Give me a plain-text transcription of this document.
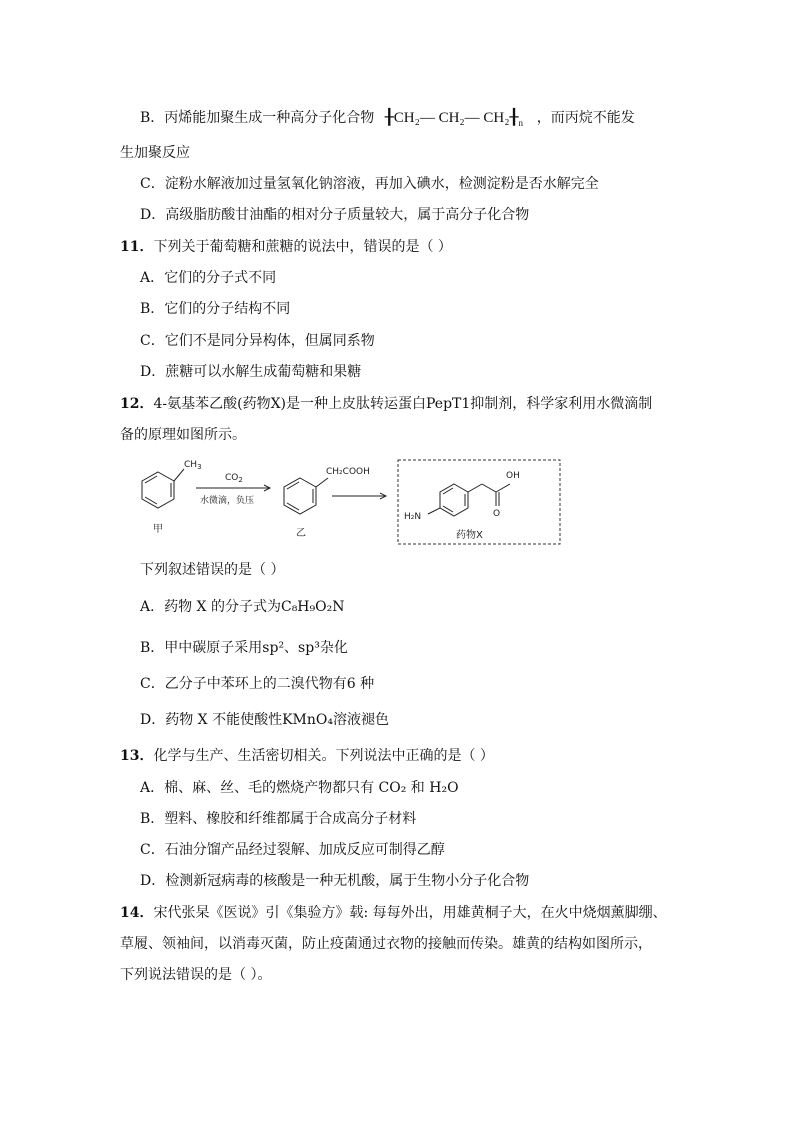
B．丙烯能加聚生成一种高分子化合物 ╂CH₂— CH₂— $CH_2╂_n$ ，而丙烷不能发
生加聚反应
C．淀粉水解液加过量氢氧化钠溶液，再加入碘水，检测淀粉是否水解完全
D．高级脂肪酸甘油酯的相对分子质量较大，属于高分子化合物
11．下列关于葡萄糖和蔗糖的说法中，错误的是（ ）
A．它们的分子式不同
B．它们的分子结构不同
C．它们不是同分异构体，但属同系物
D．蔗糖可以水解生成葡萄糖和果糖
12．4-氨基苯乙酸(药物X)是一种上皮肽转运蛋白PepT1抑制剂，科学家利用水微滴制
备的原理如图所示。
$CH_3$
甲
$CO_2$
水微滴，负压
CH₂COOH
乙
OH
O
H₂N
药物X
下列叙述错误的是（ ）
A．药物 X 的分子式为C₈H₉O₂N
B．甲中碳原子采用sp²、sp³杂化
C．乙分子中苯环上的二溴代物有6 种
D．药物 X 不能使酸性KMnO₄溶液褪色
13．化学与生产、生活密切相关。下列说法中正确的是（ ）
A．棉、麻、丝、毛的燃烧产物都只有 CO₂ 和 H₂O
B．塑料、橡胶和纤维都属于合成高分子材料
C．石油分馏产品经过裂解、加成反应可制得乙醇
D．检测新冠病毒的核酸是一种无机酸，属于生物小分子化合物
14．宋代张杲《医说》引《集验方》载: 每每外出，用雄黄桐子大，在火中烧烟薰脚绷、
草履、领袖间，以消毒灭菌，防止疫菌通过衣物的接触而传染。雄黄的结构如图所示，
下列说法错误的是（ ）。
